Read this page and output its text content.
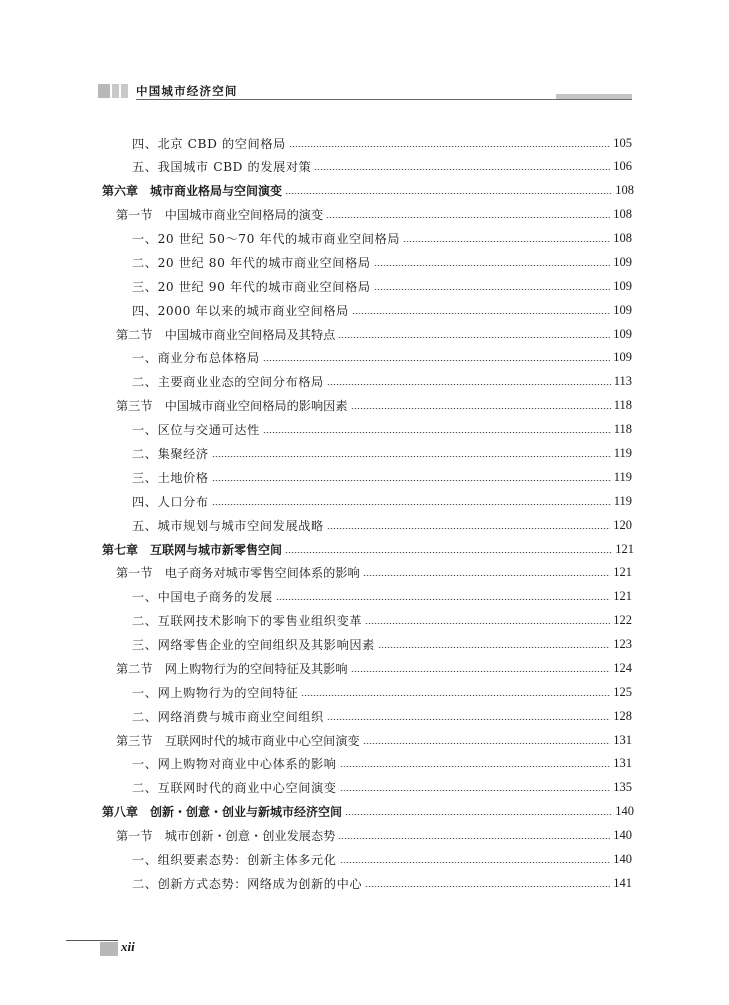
中国城市经济空间
四、北京 CBD 的空间格局	105
五、我国城市 CBD 的发展对策	106
第六章　城市商业格局与空间演变	108
第一节　中国城市商业空间格局的演变	108
一、20 世纪 50～70 年代的城市商业空间格局	108
二、20 世纪 80 年代的城市商业空间格局	109
三、20 世纪 90 年代的城市商业空间格局	109
四、2000 年以来的城市商业空间格局	109
第二节　中国城市商业空间格局及其特点	109
一、商业分布总体格局	109
二、主要商业业态的空间分布格局	113
第三节　中国城市商业空间格局的影响因素	118
一、区位与交通可达性	118
二、集聚经济	119
三、土地价格	119
四、人口分布	119
五、城市规划与城市空间发展战略	120
第七章　互联网与城市新零售空间	121
第一节　电子商务对城市零售空间体系的影响	121
一、中国电子商务的发展	121
二、互联网技术影响下的零售业组织变革	122
三、网络零售企业的空间组织及其影响因素	123
第二节　网上购物行为的空间特征及其影响	124
一、网上购物行为的空间特征	125
二、网络消费与城市商业空间组织	128
第三节　互联网时代的城市商业中心空间演变	131
一、网上购物对商业中心体系的影响	131
二、互联网时代的商业中心空间演变	135
第八章　创新・创意・创业与新城市经济空间	140
第一节　城市创新・创意・创业发展态势	140
一、组织要素态势：创新主体多元化	140
二、创新方式态势：网络成为创新的中心	141
xii
